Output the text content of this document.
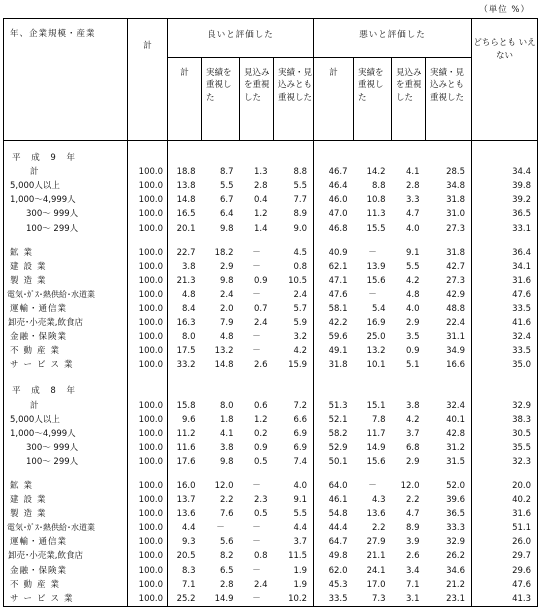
（単位 %）
年、企業規模・産業	計	良いと評価した				悪いと評価した				どちらとも いえない
		計	実績を重視した	見込みを重視した	実績・見込みとも重視した	計	実績を重視した	見込みを重視した	実績・見込みとも重視した	

平 成 9 年										
計	100.0	18.8	8.7	1.3	8.8	46.7	14.2	4.1	28.5	34.4
5,000人以上	100.0	13.8	5.5	2.8	5.5	46.4	8.8	2.8	34.8	39.8
1,000～4,999人	100.0	14.8	6.7	0.4	7.7	46.0	10.8	3.3	31.8	39.2
300～ 999人	100.0	16.5	6.4	1.2	8.9	47.0	11.3	4.7	31.0	36.5
100～ 299人	100.0	20.1	9.8	1.4	9.0	46.8	15.5	4.0	27.3	33.1

鉱業	100.0	22.7	18.2	－	4.5	40.9	－	9.1	31.8	36.4
建設業	100.0	3.8	2.9	－	0.8	62.1	13.9	5.5	42.7	34.1
製造業	100.0	21.3	9.8	0.9	10.5	47.1	15.6	4.2	27.3	31.6
電気･ｶﾞｽ･熱供給･水道業	100.0	4.8	2.4	－	2.4	47.6	－	4.8	42.9	47.6
運輸・通信業	100.0	8.4	2.0	0.7	5.7	58.1	5.4	4.0	48.8	33.5
卸売･小売業,飲食店	100.0	16.3	7.9	2.4	5.9	42.2	16.9	2.9	22.4	41.6
金融・保険業	100.0	8.0	4.8	－	3.2	59.6	25.0	3.5	31.1	32.4
不動産業	100.0	17.5	13.2	－	4.2	49.1	13.2	0.9	34.9	33.5
サービス業	100.0	33.2	14.8	2.6	15.9	31.8	10.1	5.1	16.6	35.0

平 成 8 年										
計	100.0	15.8	8.0	0.6	7.2	51.3	15.1	3.8	32.4	32.9
5,000人以上	100.0	9.6	1.8	1.2	6.6	52.1	7.8	4.2	40.1	38.3
1,000～4,999人	100.0	11.2	4.1	0.2	6.9	58.2	11.7	3.7	42.8	30.5
300～ 999人	100.0	11.6	3.8	0.9	6.9	52.9	14.9	6.8	31.2	35.5
100～ 299人	100.0	17.6	9.8	0.5	7.4	50.1	15.6	2.9	31.5	32.3

鉱業	100.0	16.0	12.0	－	4.0	64.0	－	12.0	52.0	20.0
建設業	100.0	13.7	2.2	2.3	9.1	46.1	4.3	2.2	39.6	40.2
製造業	100.0	13.6	7.6	0.5	5.5	54.8	13.6	4.7	36.5	31.6
電気･ｶﾞｽ･熱供給･水道業	100.0	4.4	－	－	4.4	44.4	2.2	8.9	33.3	51.1
運輸・通信業	100.0	9.3	5.6	－	3.7	64.7	27.9	3.9	32.9	26.0
卸売･小売業,飲食店	100.0	20.5	8.2	0.8	11.5	49.8	21.1	2.6	26.2	29.7
金融・保険業	100.0	8.3	6.5	－	1.9	62.0	24.1	3.4	34.6	29.6
不動産業	100.0	7.1	2.8	2.4	1.9	45.3	17.0	7.1	21.2	47.6
サービス業	100.0	25.2	14.9	－	10.2	33.5	7.3	3.1	23.1	41.3
